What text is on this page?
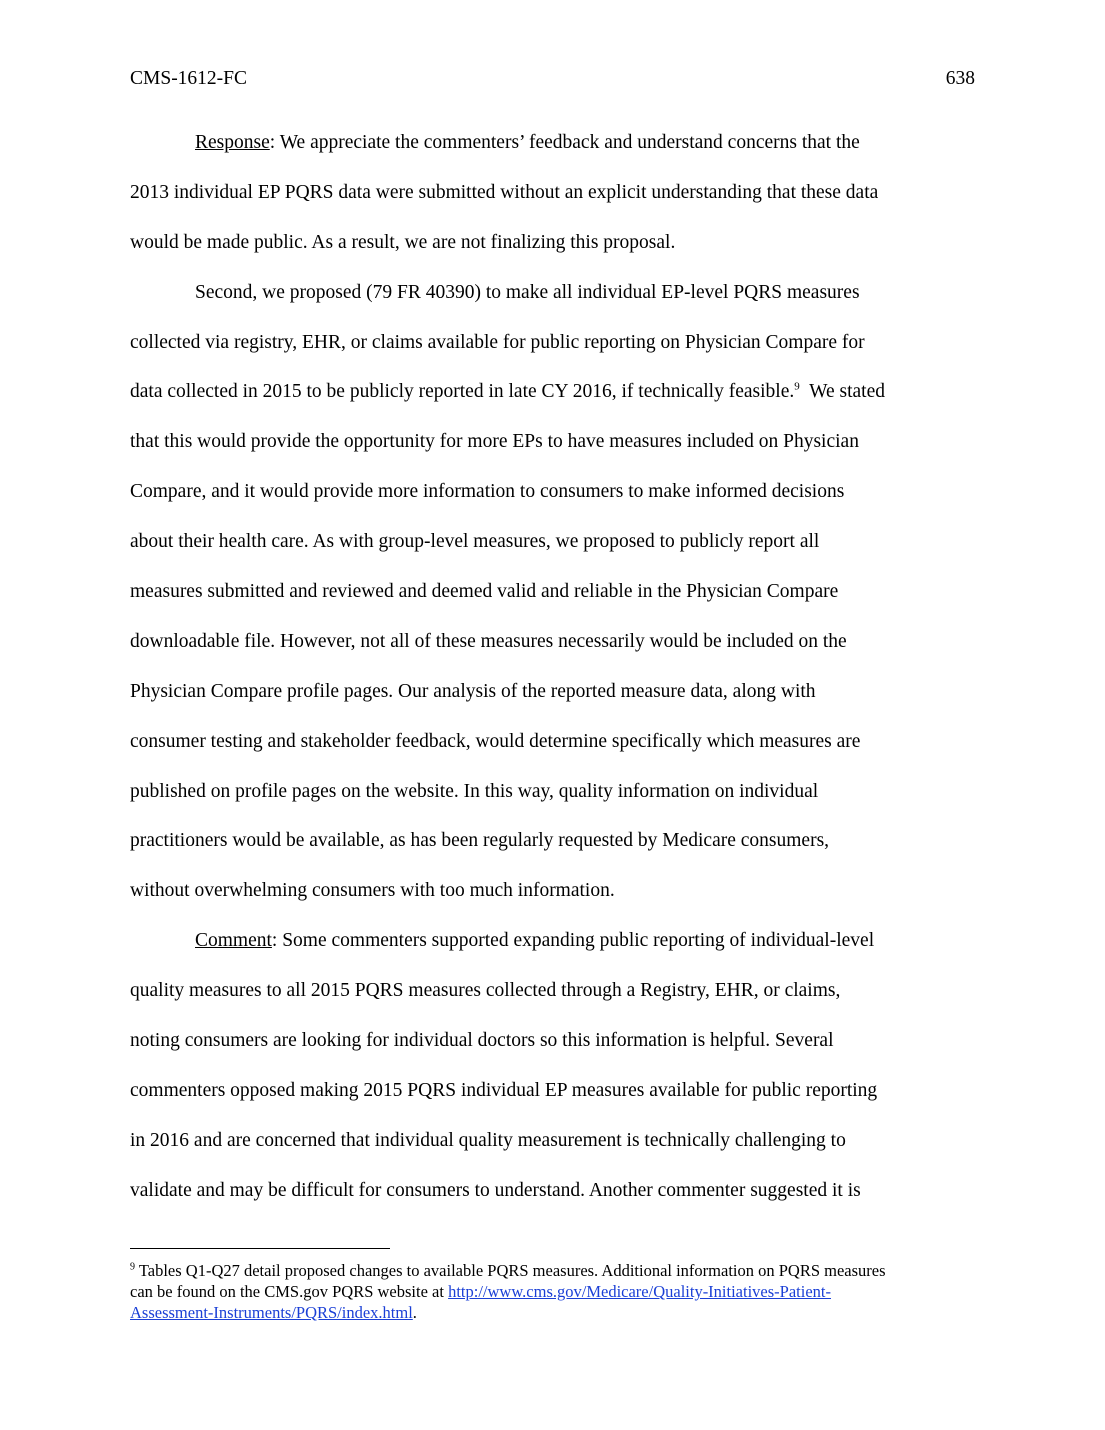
CMS-1612-FC	638
Response: We appreciate the commenters’ feedback and understand concerns that the
2013 individual EP PQRS data were submitted without an explicit understanding that these data
would be made public. As a result, we are not finalizing this proposal.
Second, we proposed (79 FR 40390) to make all individual EP-level PQRS measures
collected via registry, EHR, or claims available for public reporting on Physician Compare for
data collected in 2015 to be publicly reported in late CY 2016, if technically feasible.$^9$  We stated
that this would provide the opportunity for more EPs to have measures included on Physician
Compare, and it would provide more information to consumers to make informed decisions
about their health care. As with group-level measures, we proposed to publicly report all
measures submitted and reviewed and deemed valid and reliable in the Physician Compare
downloadable file. However, not all of these measures necessarily would be included on the
Physician Compare profile pages. Our analysis of the reported measure data, along with
consumer testing and stakeholder feedback, would determine specifically which measures are
published on profile pages on the website. In this way, quality information on individual
practitioners would be available, as has been regularly requested by Medicare consumers,
without overwhelming consumers with too much information.
Comment: Some commenters supported expanding public reporting of individual-level
quality measures to all 2015 PQRS measures collected through a Registry, EHR, or claims,
noting consumers are looking for individual doctors so this information is helpful. Several
commenters opposed making 2015 PQRS individual EP measures available for public reporting
in 2016 and are concerned that individual quality measurement is technically challenging to
validate and may be difficult for consumers to understand. Another commenter suggested it is
$^9$ Tables Q1-Q27 detail proposed changes to available PQRS measures. Additional information on PQRS measures
can be found on the CMS.gov PQRS website at http://www.cms.gov/Medicare/Quality-Initiatives-Patient-
Assessment-Instruments/PQRS/index.html.
